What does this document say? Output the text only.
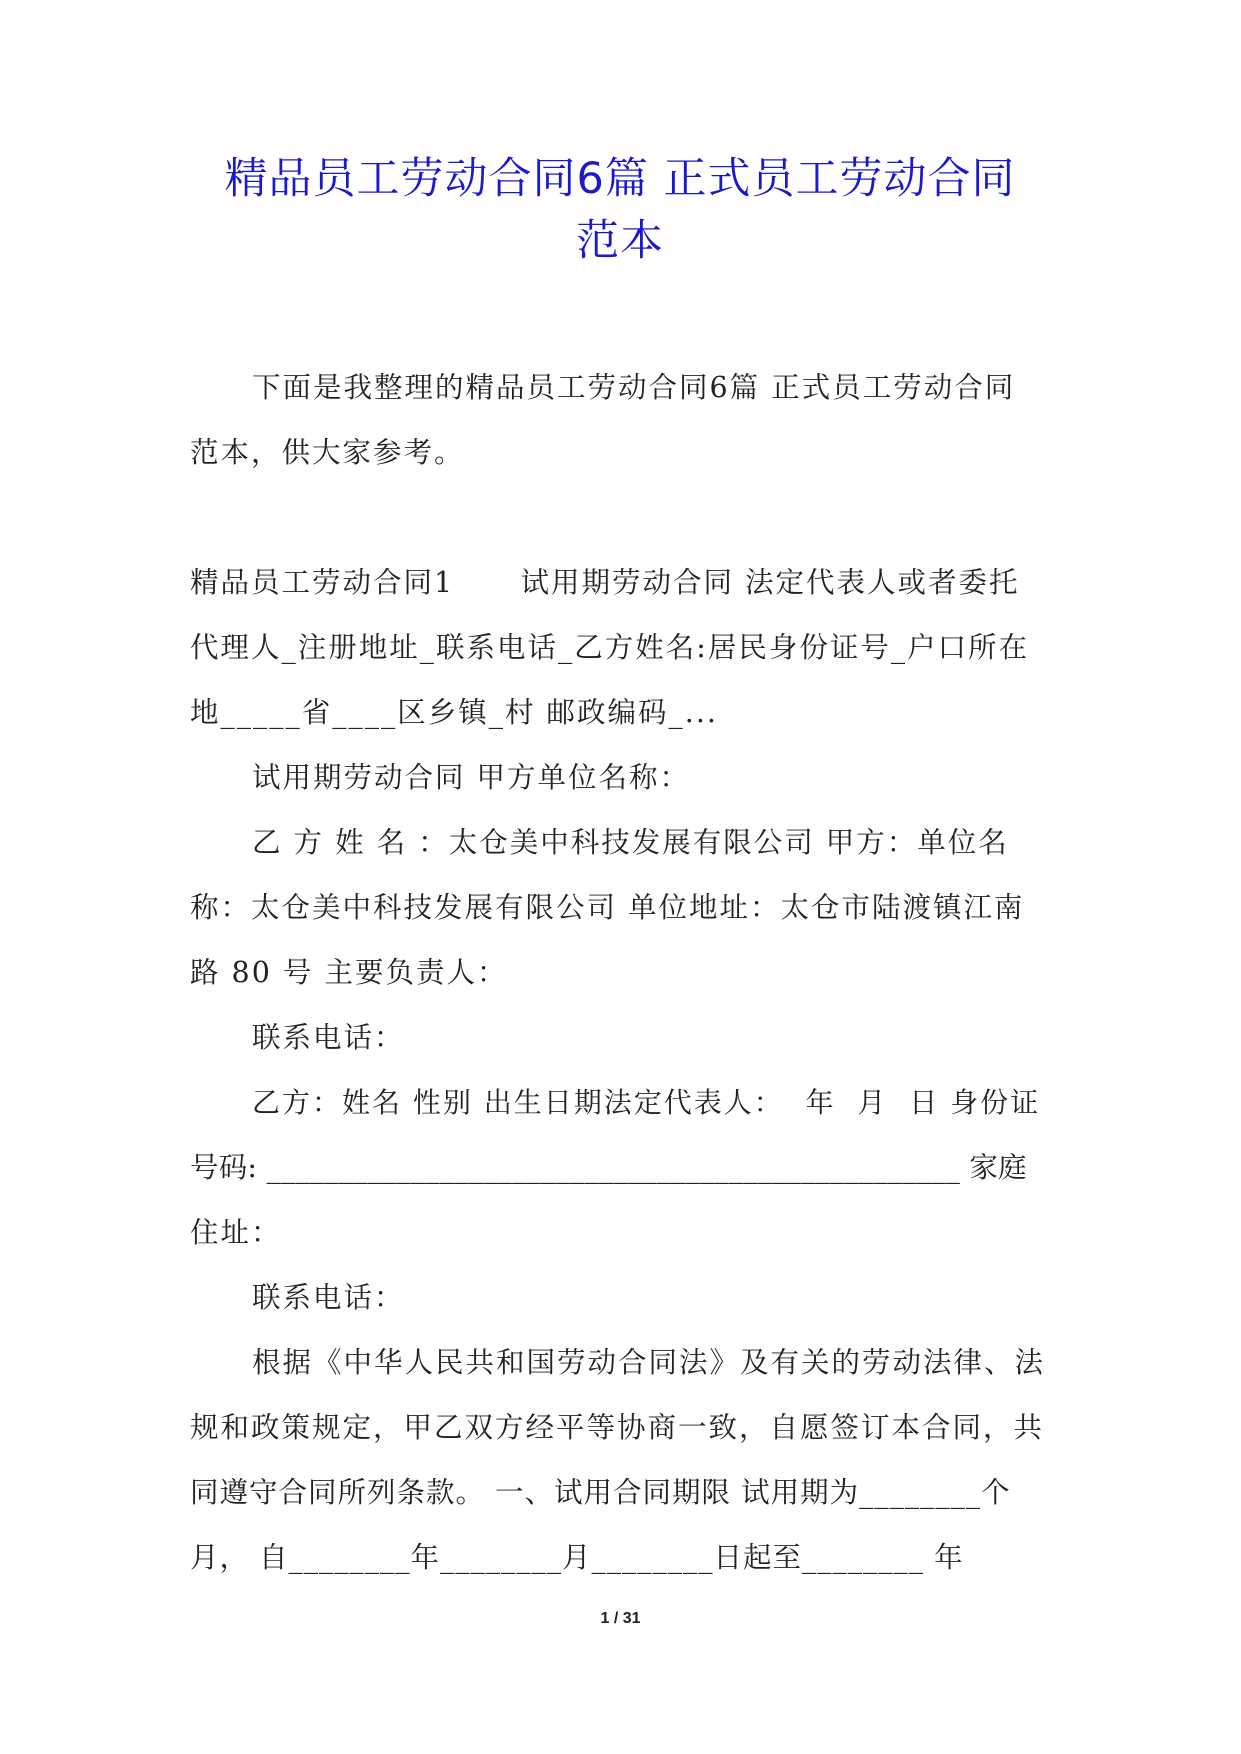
精品员工劳动合同6篇 正式员工劳动合同
范本
下面是我整理的精品员工劳动合同6篇 正式员工劳动合同
范本，供大家参考。
精品员工劳动合同1      试用期劳动合同 法定代表人或者委托
代理人_注册地址_联系电话_乙方姓名:居民身份证号_户口所在
地_____省____区乡镇_村 邮政编码_...
试用期劳动合同 甲方单位名称：
乙 方 姓 名 ：太仓美中科技发展有限公司 甲方：单位名
称：太仓美中科技发展有限公司 单位地址：太仓市陆渡镇江南
路 80 号 主要负责人：
联系电话：
乙方：姓名 性别 出生日期法定代表人：  年  月  日 身份证
号码: ________________________________________________ 家庭
住址：
联系电话：
根据《中华人民共和国劳动合同法》及有关的劳动法律、法
规和政策规定，甲乙双方经平等协商一致，自愿签订本合同，共
同遵守合同所列条款。 一、试用合同期限 试用期为________个
月， 自________年________月________日起至________ 年
1 / 31
